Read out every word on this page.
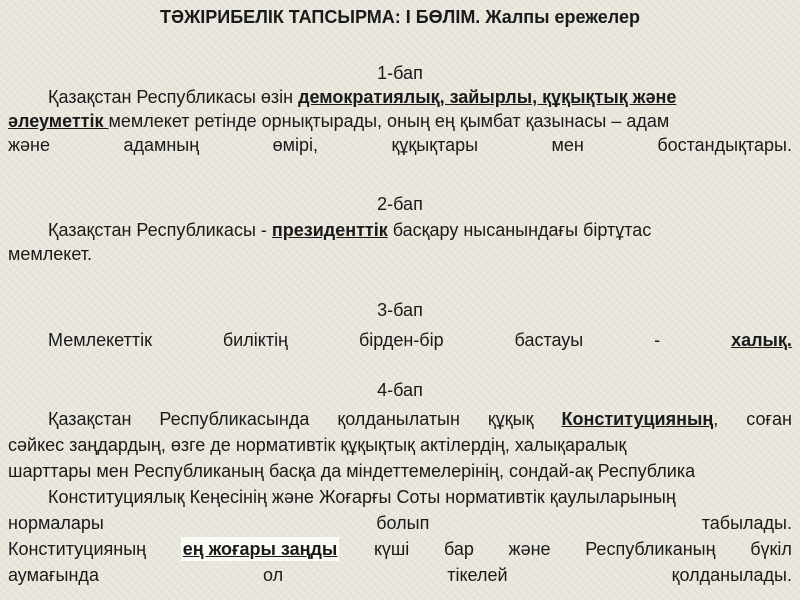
ТӘЖІРИБЕЛІК ТАПСЫРМА: І БӨЛІМ. Жалпы ережелер
1-бап
Қазақстан Республикасы өзін демократиялық, зайырлы, құқықтық және
әлеуметтік мемлекет ретінде орнықтырады, оның ең қымбат қазынасы – адам
және	адамның	өмірі,	құқықтары	мен	бостандықтары.
2-бап
Қазақстан Республикасы - президенттік басқару нысанындағы біртұтас
мемлекет.
3-бап
Мемлекеттік	биліктің	бірден-бір	бастауы	-	халық.
4-бап
Қазақстан Республикасында қолданылатын құқық Конституцияның, соған
сәйкес заңдардың, өзге де нормативтік құқықтық актілердің, халықаралық
шарттары мен Республиканың басқа да міндеттемелерінің, сондай-ақ Республика
Конституциялық Кеңесінің және Жоғарғы Соты нормативтік қаулыларының
нормалары	болып	табылады.
Конституцияның ең жоғары заңды күші бар және Республиканың бүкіл
аумағында	ол	тікелей	қолданылады.
